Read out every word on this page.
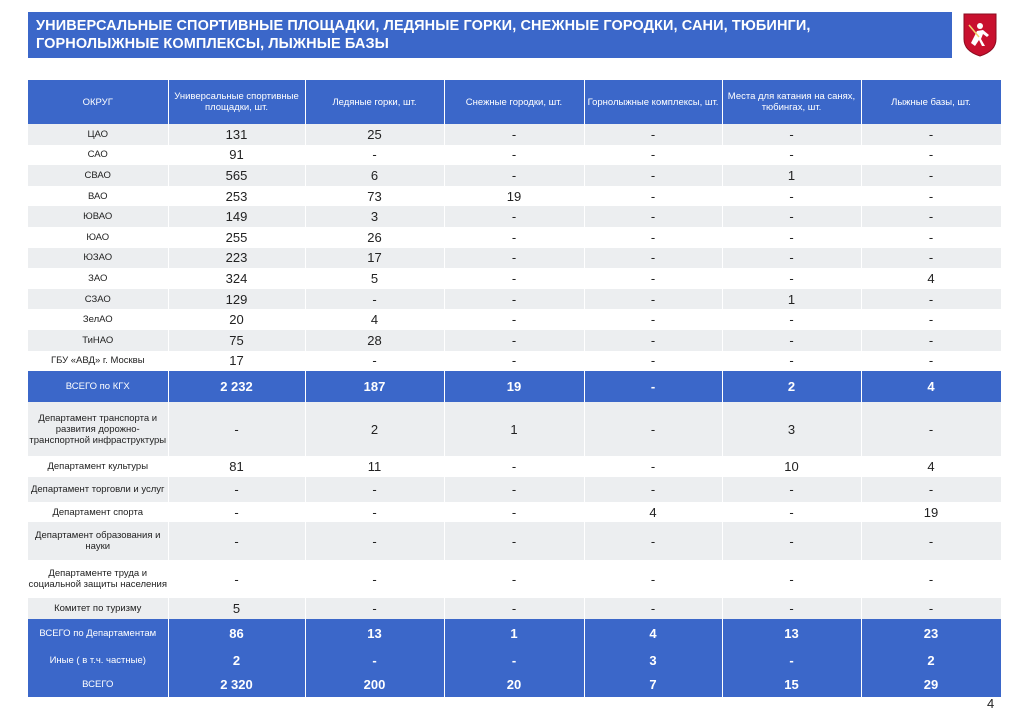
УНИВЕРСАЛЬНЫЕ СПОРТИВНЫЕ ПЛОЩАДКИ, ЛЕДЯНЫЕ ГОРКИ, СНЕЖНЫЕ ГОРОДКИ, САНИ, ТЮБИНГИ,
ГОРНОЛЫЖНЫЕ КОМПЛЕКСЫ, ЛЫЖНЫЕ БАЗЫ
ОКРУГ	Универсальные спортивные площадки, шт.	Ледяные горки, шт.	Снежные городки, шт.	Горнолыжные комплексы, шт.	Места для катания на санях, тюбингах, шт.	Лыжные базы, шт.
ЦАО	131	25	-	-	-	-
САО	91	-	-	-	-	-
СВАО	565	6	-	-	1	-
ВАО	253	73	19	-	-	-
ЮВАО	149	3	-	-	-	-
ЮАО	255	26	-	-	-	-
ЮЗАО	223	17	-	-	-	-
ЗАО	324	5	-	-	-	4
СЗАО	129	-	-	-	1	-
ЗелАО	20	4	-	-	-	-
ТиНАО	75	28	-	-	-	-
ГБУ «АВД» г. Москвы	17	-	-	-	-	-
ВСЕГО по КГХ	2 232	187	19	-	2	4
Департамент транспорта и развития дорожно-транспортной инфраструктуры	-	2	1	-	3	-
Департамент культуры	81	11	-	-	10	4
Департамент торговли и услуг	-	-	-	-	-	-
Департамент спорта	-	-	-	4	-	19
Департамент образования и науки	-	-	-	-	-	-
Департаменте труда и социальной защиты населения	-	-	-	-	-	-
Комитет по туризму	5	-	-	-	-	-
ВСЕГО по Департаментам	86	13	1	4	13	23
Иные ( в т.ч. частные)	2	-	-	3	-	2
ВСЕГО	2 320	200	20	7	15	29
4
